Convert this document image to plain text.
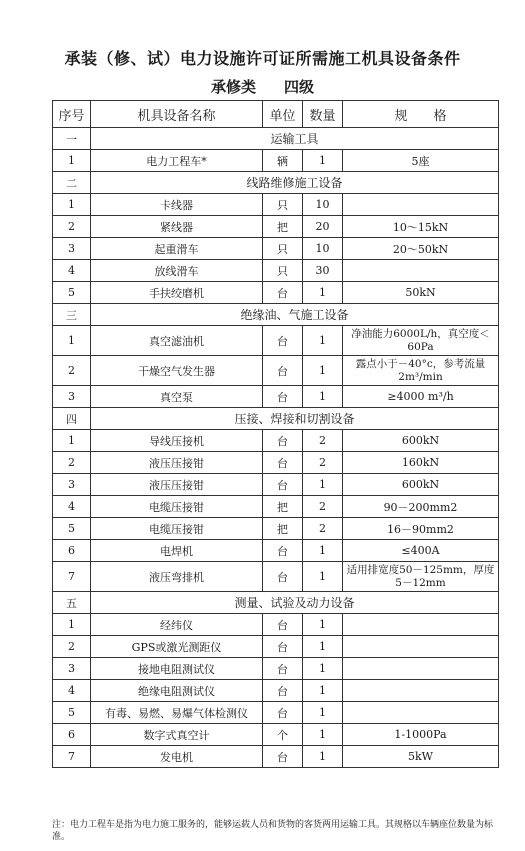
承装（修、试）电力设施许可证所需施工机具设备条件
承修类 四级
序号	机具设备名称	单位	数量	规　　格
一	运输工具			
1	电力工程车*	辆	1	5座
二	线路维修施工设备			
1	卡线器	只	10	
2	紧线器	把	20	10～15kN
3	起重滑车	只	10	20～50kN
4	放线滑车	只	30	
5	手扶绞磨机	台	1	50kN
三	绝缘油、气施工设备			
1	真空滤油机	台	1	净油能力6000L/h，真空度＜60Pa
2	干燥空气发生器	台	1	露点小于－40°c，参考流量2m³/min
3	真空泵	台	1	≥4000 m³/h
四	压接、焊接和切割设备			
1	导线压接机	台	2	600kN
2	液压压接钳	台	2	160kN
3	液压压接钳	台	1	600kN
4	电缆压接钳	把	2	90－200mm2
5	电缆压接钳	把	2	16－90mm2
6	电焊机	台	1	≤400A
7	液压弯排机	台	1	适用排宽度50－125mm，厚度5－12mm
五	测量、试验及动力设备			
1	经纬仪	台	1	
2	GPS或激光测距仪	台	1	
3	接地电阻测试仪	台	1	
4	绝缘电阻测试仪	台	1	
5	有毒、易燃、易爆气体检测仪	台	1	
6	数字式真空计	个	1	1-1000Pa
7	发电机	台	1	5kW
注：电力工程车是指为电力施工服务的，能够运载人员和货物的客货两用运输工具。其规格以车辆座位数量为标准。
